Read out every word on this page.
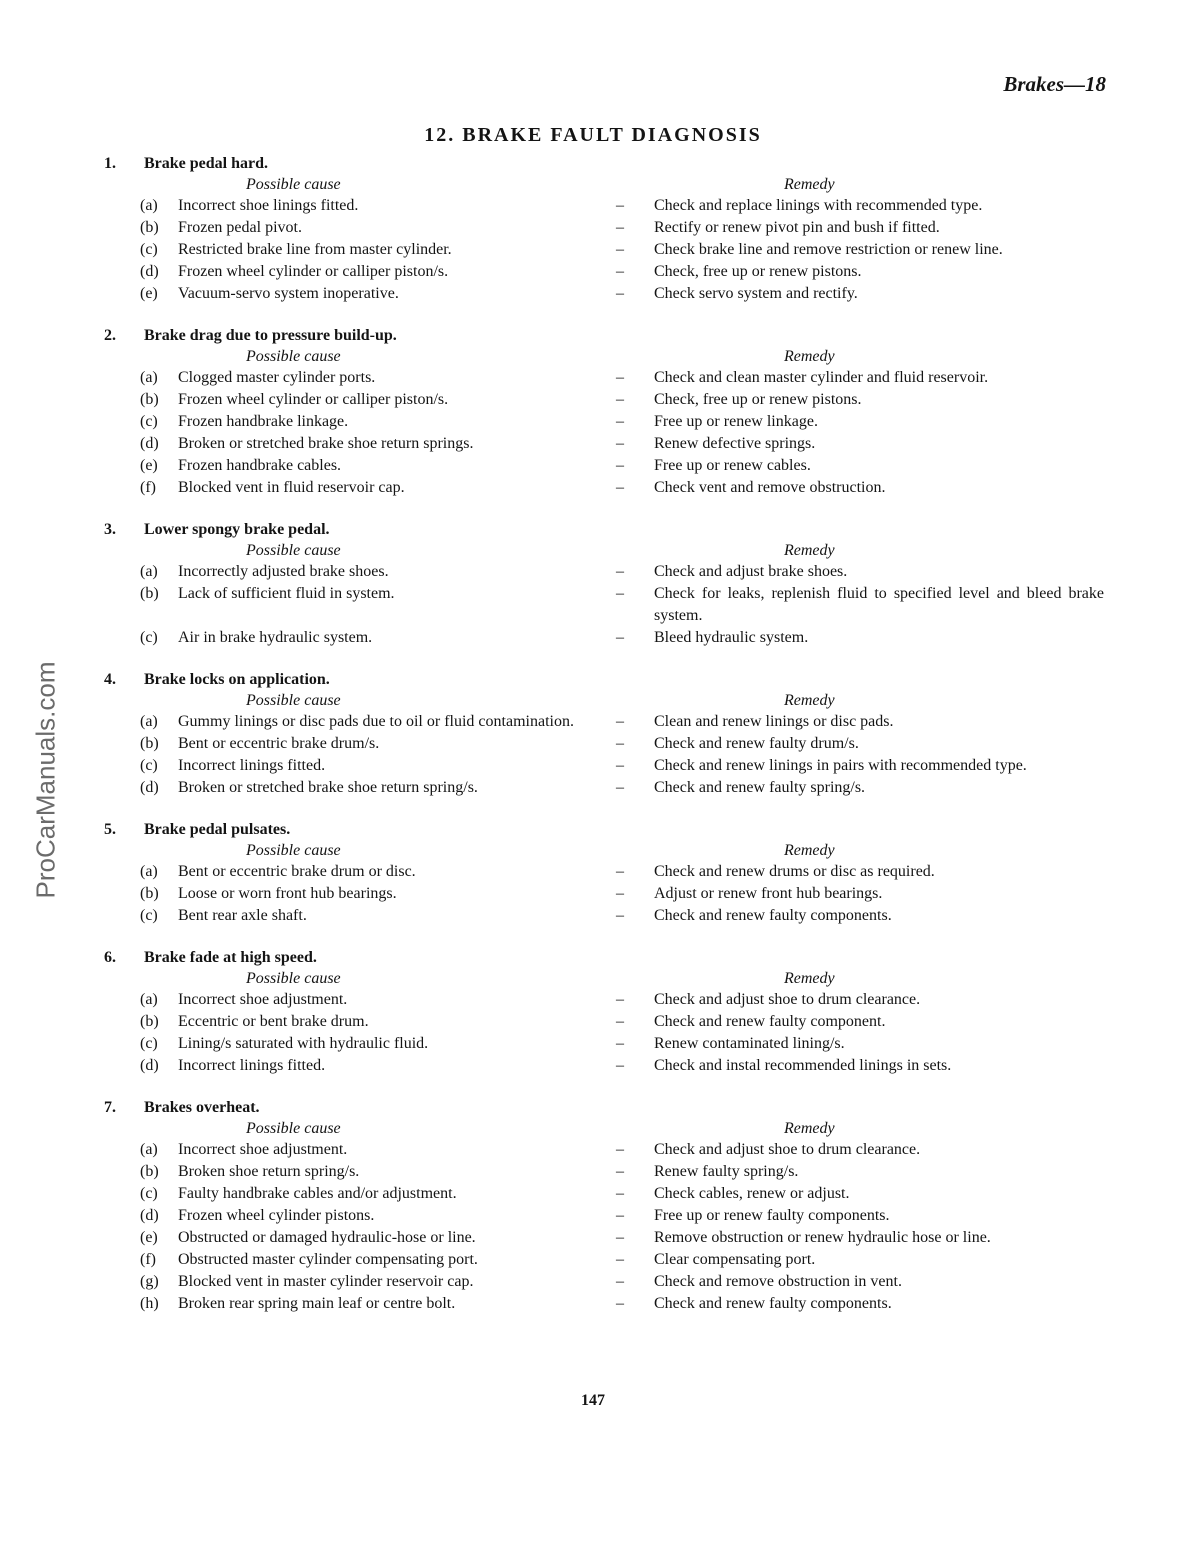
Brakes—18
12. BRAKE FAULT DIAGNOSIS
ProCarManuals.com
1.	Brake pedal hard.
Possible cause	Remedy
(a)	Incorrect shoe linings fitted.	–	Check and replace linings with recommended type.
(b)	Frozen pedal pivot.	–	Rectify or renew pivot pin and bush if fitted.
(c)	Restricted brake line from master cylinder.	–	Check brake line and remove restriction or renew line.
(d)	Frozen wheel cylinder or calliper piston/s.	–	Check, free up or renew pistons.
(e)	Vacuum-servo system inoperative.	–	Check servo system and rectify.
2.	Brake drag due to pressure build-up.
Possible cause	Remedy
(a)	Clogged master cylinder ports.	–	Check and clean master cylinder and fluid reservoir.
(b)	Frozen wheel cylinder or calliper piston/s.	–	Check, free up or renew pistons.
(c)	Frozen handbrake linkage.	–	Free up or renew linkage.
(d)	Broken or stretched brake shoe return springs.	–	Renew defective springs.
(e)	Frozen handbrake cables.	–	Free up or renew cables.
(f)	Blocked vent in fluid reservoir cap.	–	Check vent and remove obstruction.
3.	Lower spongy brake pedal.
Possible cause	Remedy
(a)	Incorrectly adjusted brake shoes.	–	Check and adjust brake shoes.
(b)	Lack of sufficient fluid in system.	–	Check for leaks, replenish fluid to specified level and bleed brake system.
(c)	Air in brake hydraulic system.	–	Bleed hydraulic system.
4.	Brake locks on application.
Possible cause	Remedy
(a)	Gummy linings or disc pads due to oil or fluid contamination.	–	Clean and renew linings or disc pads.
(b)	Bent or eccentric brake drum/s.	–	Check and renew faulty drum/s.
(c)	Incorrect linings fitted.	–	Check and renew linings in pairs with recommended type.
(d)	Broken or stretched brake shoe return spring/s.	–	Check and renew faulty spring/s.
5.	Brake pedal pulsates.
Possible cause	Remedy
(a)	Bent or eccentric brake drum or disc.	–	Check and renew drums or disc as required.
(b)	Loose or worn front hub bearings.	–	Adjust or renew front hub bearings.
(c)	Bent rear axle shaft.	–	Check and renew faulty components.
6.	Brake fade at high speed.
Possible cause	Remedy
(a)	Incorrect shoe adjustment.	–	Check and adjust shoe to drum clearance.
(b)	Eccentric or bent brake drum.	–	Check and renew faulty component.
(c)	Lining/s saturated with hydraulic fluid.	–	Renew contaminated lining/s.
(d)	Incorrect linings fitted.	–	Check and instal recommended linings in sets.
7.	Brakes overheat.
Possible cause	Remedy
(a)	Incorrect shoe adjustment.	–	Check and adjust shoe to drum clearance.
(b)	Broken shoe return spring/s.	–	Renew faulty spring/s.
(c)	Faulty handbrake cables and/or adjustment.	–	Check cables, renew or adjust.
(d)	Frozen wheel cylinder pistons.	–	Free up or renew faulty components.
(e)	Obstructed or damaged hydraulic-hose or line.	–	Remove obstruction or renew hydraulic hose or line.
(f)	Obstructed master cylinder compensating port.	–	Clear compensating port.
(g)	Blocked vent in master cylinder reservoir cap.	–	Check and remove obstruction in vent.
(h)	Broken rear spring main leaf or centre bolt.	–	Check and renew faulty components.
147
